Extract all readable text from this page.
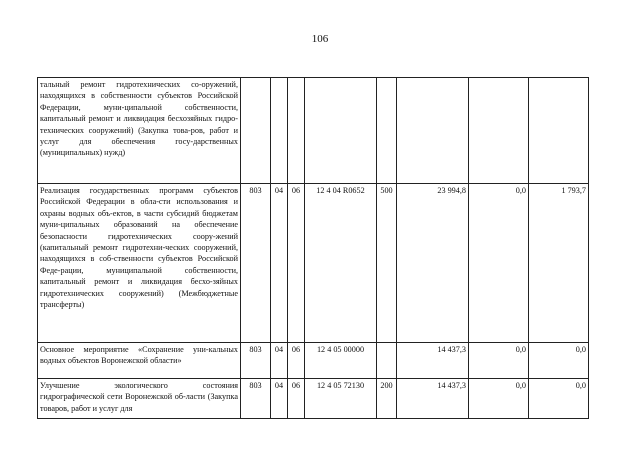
106
тальный ремонт гидротехнических со-оружений, находящихся в собственности субъектов Российской Федерации, муни-ципальной собственности, капитальный ремонт и ликвидация бесхозяйных гидро-технических сооружений) (Закупка това-ров, работ и услуг для обеспечения госу-дарственных (муниципальных) нужд)								
Реализация государственных программ субъектов Российской Федерации в обла-сти использования и охраны водных объ-ектов, в части субсидий бюджетам муни-ципальных образований на обеспечение безопасности гидротехнических соору-жений (капитальный ремонт гидротехни-ческих сооружений, находящихся в соб-ственности субъектов Российской Феде-рации, муниципальной собственности, капитальный ремонт и ликвидация бесхо-зяйных гидротехнических сооружений) (Межбюджетные трансферты)	803	04	06	12 4 04 R0652	500	23 994,8	0,0	1 793,7
Основное мероприятие «Сохранение уни-кальных водных объектов Воронежской области»	803	04	06	12 4 05 00000		14 437,3	0,0	0,0
Улучшение экологического состояния гидрографической сети Воронежской об-ласти (Закупка товаров, работ и услуг для	803	04	06	12 4 05 72130	200	14 437,3	0,0	0,0
